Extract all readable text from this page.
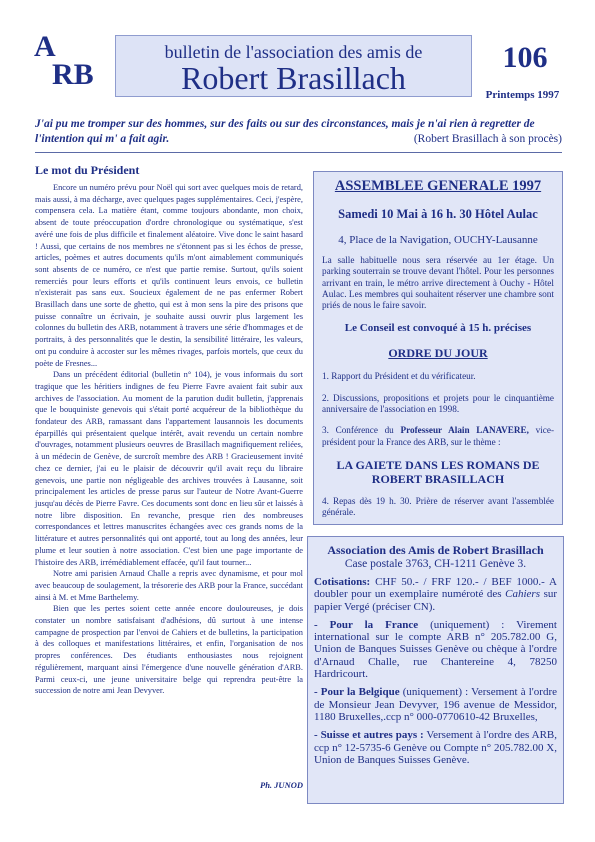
A
RB
bulletin de l'association des amis de
Robert Brasillach
106
Printemps 1997
J'ai pu me tromper sur des hommes, sur des faits ou sur des circonstances, mais je n'ai rien à regretter de l'intention qui m' a fait agir.	(Robert Brasillach à son procès)
Le mot du Président

Encore un numéro prévu pour Noël qui sort avec quelques mois de retard, mais aussi, à ma décharge, avec quelques pages supplémentaires. Ceci, j'espère, compensera cela. La matière étant, comme toujours abondante, mon choix, absent de toute préoccupation d'ordre chronologique ou systématique, s'est avéré une fois de plus difficile et finalement aléatoire. Vive donc le saint hasard ! Aussi, que certains de nos membres ne s'étonnent pas si les échos de presse, articles, poèmes et autres documents qu'ils m'ont aimablement communiqués sont absents de ce numéro, ce n'est que partie remise. Surtout, qu'ils soient remerciés pour leurs efforts et qu'ils continuent leurs envois, ce bulletin n'existerait pas sans eux. Soucieux également de ne pas enfermer Robert Brasillach dans une sorte de ghetto, qui est à mon sens la pire des prisons que puisse connaître un écrivain, je souhaite aussi ouvrir plus largement les colonnes du bulletin des ARB, notamment à travers une série d'hommages et de portraits, à des personnalités que le destin, la sensibilité littéraire, les valeurs, ont pu conduire à accoster sur les mêmes rivages, parfois mortels, que ceux du poète de Fresnes...

Dans un précédent éditorial (bulletin n° 104), je vous informais du sort tragique que les héritiers indignes de feu Pierre Favre avaient fait subir aux archives de l'association. Au moment de la parution dudit bulletin, j'apprenais que le bouquiniste genevois qui s'était porté acquéreur de la bibliothèque du fondateur des ARB, ramassant dans l'appartement lausannois les documents éparpillés qui présentaient quelque intérêt, avait revendu un certain nombre d'ouvrages, notamment plusieurs oeuvres de Brasillach magnifiquement reliées, à un médecin de Genève, de surcroît membre des ARB ! Gracieusement invité chez ce dernier, j'ai eu le plaisir de découvrir qu'il avait reçu du libraire genevois, une partie non négligeable des archives trouvées à Lausanne, soit principalement les articles de presse parus sur l'auteur de Notre Avant-Guerre jusqu'au décès de Pierre Favre. Ces documents sont donc en lieu sûr et laissés à notre libre disposition. En revanche, presque rien des nombreuses correspondances et lettres manuscrites échangées avec ces grands noms de la littérature et autres personnalités qui ont apporté, tout au long des années, leur plume et leur soutien à notre association. C'est bien une page importante de l'histoire des ARB, irrémédiablement effacée, qu'il faut tourner...

Notre ami parisien Arnaud Challe a repris avec dynamisme, et pour mol avec beaucoup de soulagement, la trésorerie des ARB pour la France, succédant ainsi à M. et Mme Barthelemy.

Bien que les pertes soient cette année encore douloureuses, je dois constater un nombre satisfaisant d'adhésions, dû surtout à une intense campagne de prospection par l'envoi de Cahiers et de bulletins, la participation à des colloques et manifestations littéraires, et enfin, l'organisation de nos propres conférences. Des étudiants enthousiastes nous rejoignent régulièrement, marquant ainsi l'émergence d'une nouvelle génération d'ARB. Parmi ceux-ci, une jeune universitaire belge qui reprendra peut-être la succession de notre ami Jean Devyver.

Ph. JUNOD
ASSEMBLEE GENERALE 1997
Samedi 10 Mai à 16 h. 30 Hôtel Aulac
4, Place de la Navigation, OUCHY-Lausanne
La salle habituelle nous sera réservée au 1er étage. Un parking souterrain se trouve devant l'hôtel. Pour les personnes arrivant en train, le métro arrive directement à Ouchy - Hôtel Aulac. Les membres qui souhaitent réserver une chambre sont priés de nous le faire savoir.
Le Conseil est convoqué à 15 h. précises
ORDRE DU JOUR
1. Rapport du Président et du vérificateur.
2. Discussions, propositions et projets pour le cinquantième anniversaire de l'association en 1998.
3. Conférence du Professeur Alain LANAVERE, vice-président pour la France des ARB, sur le thème :
LA GAIETE DANS LES ROMANS DE ROBERT BRASILLACH
4. Repas dès 19 h. 30. Prière de réserver avant l'assemblée générale.
Association des Amis de Robert Brasillach
Case postale 3763, CH-1211 Genève 3.
Cotisations: CHF 50.- / FRF 120.- / BEF 1000.- A doubler pour un exemplaire numéroté des Cahiers sur papier Vergé (préciser CN).
- Pour la France (uniquement) : Virement international sur le compte ARB n° 205.782.00 G, Union de Banques Suisses Genève ou chèque à l'ordre d'Arnaud Challe, rue Chantereine 4, 78250 Hardricourt.
- Pour la Belgique (uniquement) : Versement à l'ordre de Monsieur Jean Devyver, 196 avenue de Messidor, 1180 Bruxelles,.ccp n° 000-0770610-42 Bruxelles,
- Suisse et autres pays : Versement à l'ordre des ARB, ccp n° 12-5735-6 Genève ou Compte n° 205.782.00 X, Union de Banques Suisses Genève.
